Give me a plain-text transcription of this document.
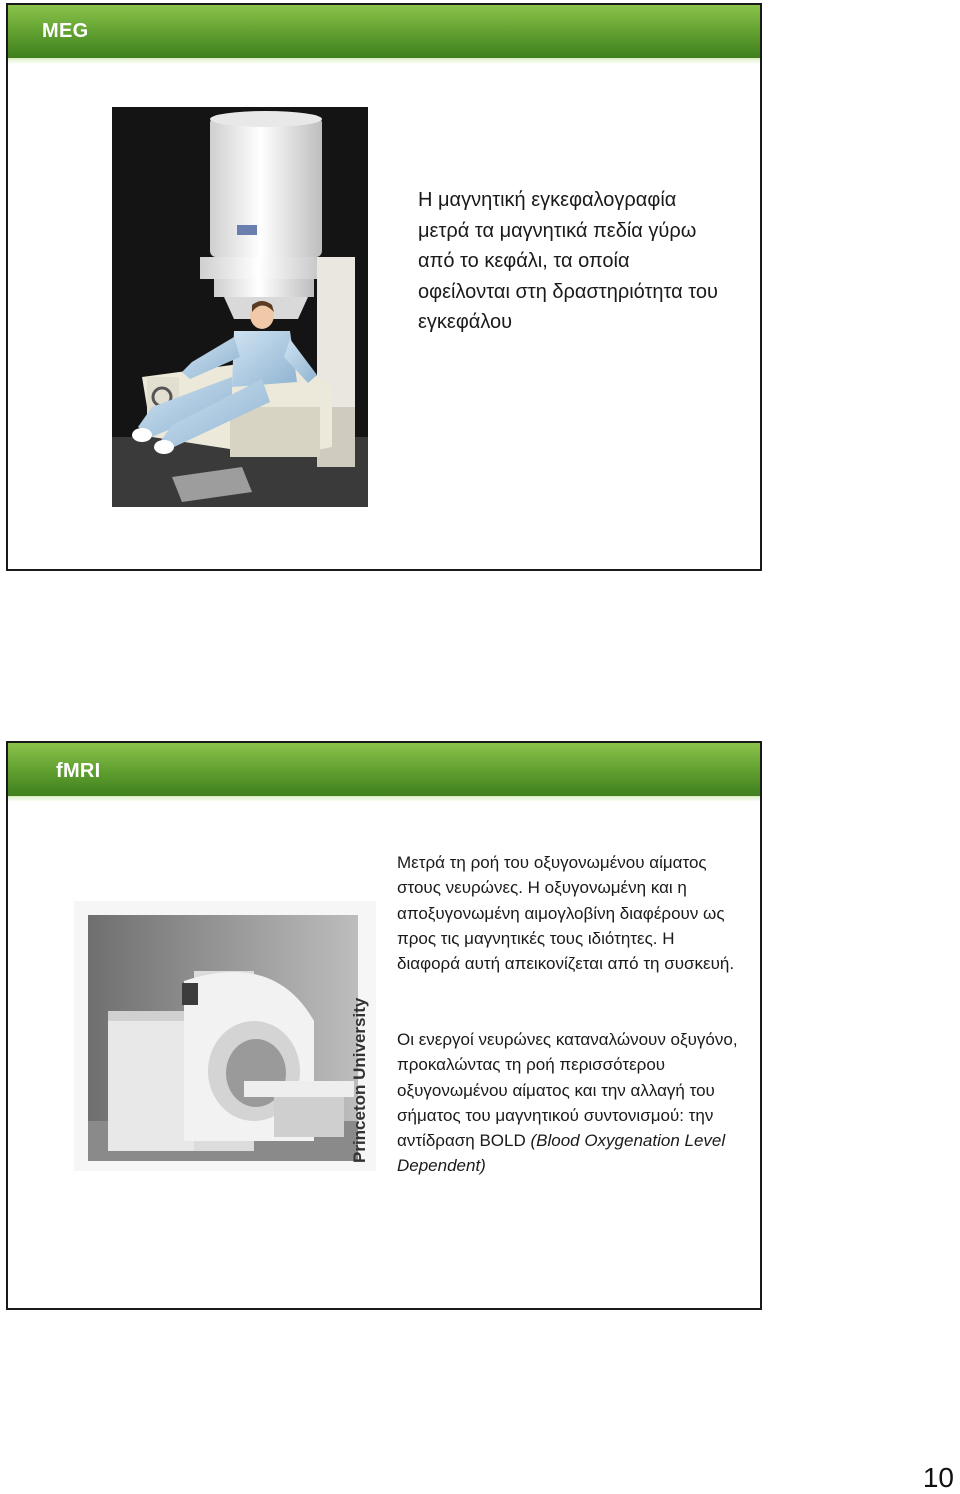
MEG
Η μαγνητική εγκεφαλογραφία μετρά τα μαγνητικά πεδία γύρω από το κεφάλι, τα οποία οφείλονται στη δραστηριότητα του εγκεφάλου
fMRI
Princeton University
Μετρά τη ροή του οξυγονωμένου αίματος στους νευρώνες. Η οξυγονωμένη και η αποξυγονωμένη αιμογλοβίνη διαφέρουν ως προς τις μαγνητικές τους ιδιότητες. Η διαφορά αυτή απεικονίζεται από τη συσκευή.
Οι ενεργοί νευρώνες καταναλώνουν οξυγόνο, προκαλώντας τη ροή περισσότερου οξυγονωμένου αίματος και την αλλαγή του σήματος του μαγνητικού συντονισμού: την αντίδραση BOLD (Blood Oxygenation Level Dependent)
10
